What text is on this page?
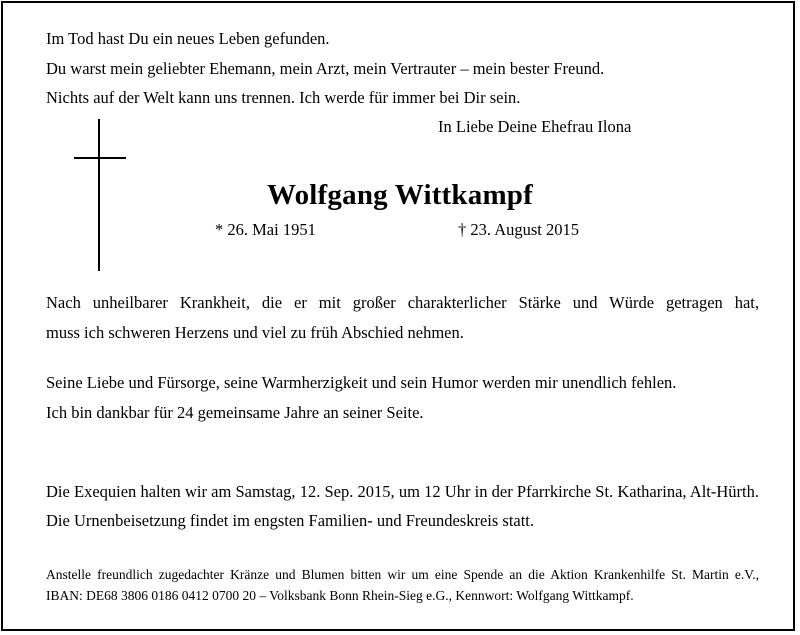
Im Tod hast Du ein neues Leben gefunden.
Du warst mein geliebter Ehemann, mein Arzt, mein Vertrauter – mein bester Freund.
Nichts auf der Welt kann uns trennen. Ich werde für immer bei Dir sein.
In Liebe Deine Ehefrau Ilona
Wolfgang Wittkampf
* 26. Mai 1951	† 23. August 2015
Nach unheilbarer Krankheit, die er mit großer charakterlicher Stärke und Würde getragen hat,
muss ich schweren Herzens und viel zu früh Abschied nehmen.
Seine Liebe und Fürsorge, seine Warmherzigkeit und sein Humor werden mir unendlich fehlen.
Ich bin dankbar für 24 gemeinsame Jahre an seiner Seite.
Die Exequien halten wir am Samstag, 12. Sep. 2015, um 12 Uhr in der Pfarrkirche St. Katharina, Alt-Hürth.
Die Urnenbeisetzung findet im engsten Familien- und Freundeskreis statt.
Anstelle freundlich zugedachter Kränze und Blumen bitten wir um eine Spende an die Aktion Krankenhilfe St. Martin e.V.,
IBAN: DE68 3806 0186 0412 0700 20 – Volksbank Bonn Rhein-Sieg e.G., Kennwort: Wolfgang Wittkampf.
